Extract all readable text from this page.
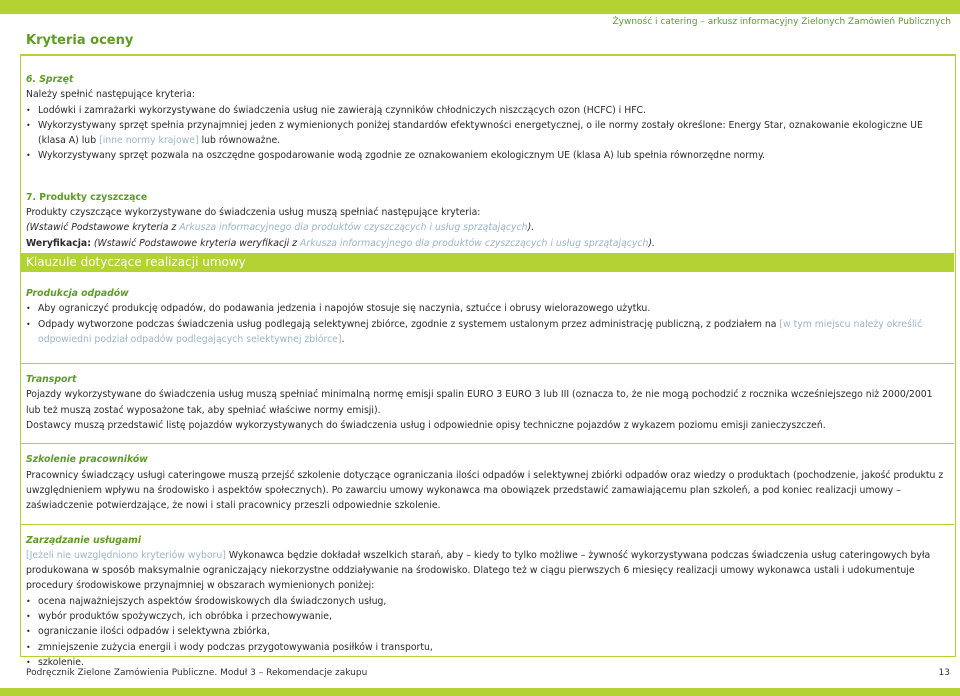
Kryteria oceny
Żywność i catering – arkusz informacyjny Zielonych Zamówień Publicznych

6. Sprzęt

Należy spełnić następujące kryteria:

• Lodówki i zamrażarki wykorzystywane do świadczenia usług nie zawierają czynników chłodniczych niszczących ozon (HCFC) i HFC.
• Wykorzystywany sprzęt spełnia przynajmniej jeden z wymienionych poniżej standardów efektywności energetycznej, o ile normy zostały określone: Energy Star, oznakowanie ekologiczne UE (klasa A) lub [inne normy krajowe] lub równoważne.
• Wykorzystywany sprzęt pozwala na oszczędne gospodarowanie wodą zgodnie ze oznakowaniem ekologicznym UE (klasa A) lub spełnia równorzędne normy.

7. Produkty czyszczące

Produkty czyszczące wykorzystywane do świadczenia usług muszą spełniać następujące kryteria:

(Wstawić Podstawowe kryteria z Arkusza informacyjnego dla produktów czyszczących i usług sprzątających).

Weryfikacja: (Wstawić Podstawowe kryteria weryfikacji z Arkusza informacyjnego dla produktów czyszczących i usług sprzątających).

Klauzule dotyczące realizacji umowy

Produkcja odpadów

• Aby ograniczyć produkcję odpadów, do podawania jedzenia i napojów stosuje się naczynia, sztućce i obrusy wielorazowego użytku.
• Odpady wytworzone podczas świadczenia usług podlegają selektywnej zbiórce, zgodnie z systemem ustalonym przez administrację publiczną, z podziałem na [w tym miejscu należy określić odpowiedni podział odpadów podlegających selektywnej zbiórce].

Transport

Pojazdy wykorzystywane do świadczenia usług muszą spełniać minimalną normę emisji spalin EURO 3 EURO 3 lub III (oznacza to, że nie mogą pochodzić z rocznika wcześniejszego niż 2000/2001 lub też muszą zostać wyposażone tak, aby spełniać właściwe normy emisji).

Dostawcy muszą przedstawić listę pojazdów wykorzystywanych do świadczenia usług i odpowiednie opisy techniczne pojazdów z wykazem poziomu emisji zanieczyszczeń.

Szkolenie pracowników

Pracownicy świadczący usługi cateringowe muszą przejść szkolenie dotyczące ograniczania ilości odpadów i selektywnej zbiórki odpadów oraz wiedzy o produktach (pochodzenie, jakość produktu z uwzględnieniem wpływu na środowisko i aspektów społecznych). Po zawarciu umowy wykonawca ma obowiązek przedstawić zamawiającemu plan szkoleń, a pod koniec realizacji umowy – zaświadczenie potwierdzające, że nowi i stali pracownicy przeszli odpowiednie szkolenie.

Zarządzanie usługami

[Jeżeli nie uwzględniono kryteriów wyboru] Wykonawca będzie dokładał wszelkich starań, aby – kiedy to tylko możliwe – żywność wykorzystywana podczas świadczenia usług cateringowych była produkowana w sposób maksymalnie ograniczający niekorzystne oddziaływanie na środowisko. Dlatego też w ciągu pierwszych 6 miesięcy realizacji umowy wykonawca ustali i udokumentuje procedury środowiskowe przynajmniej w obszarach wymienionych poniżej:

• ocena najważniejszych aspektów środowiskowych dla świadczonych usług,
• wybór produktów spożywczych, ich obróbka i przechowywanie,
• ograniczanie ilości odpadów i selektywna zbiórka,
• zmniejszenie zużycia energii i wody podczas przygotowywania posiłków i transportu,
• szkolenie.
Podręcznik Zielone Zamówienia Publiczne. Moduł 3 – Rekomendacje zakupu	13
